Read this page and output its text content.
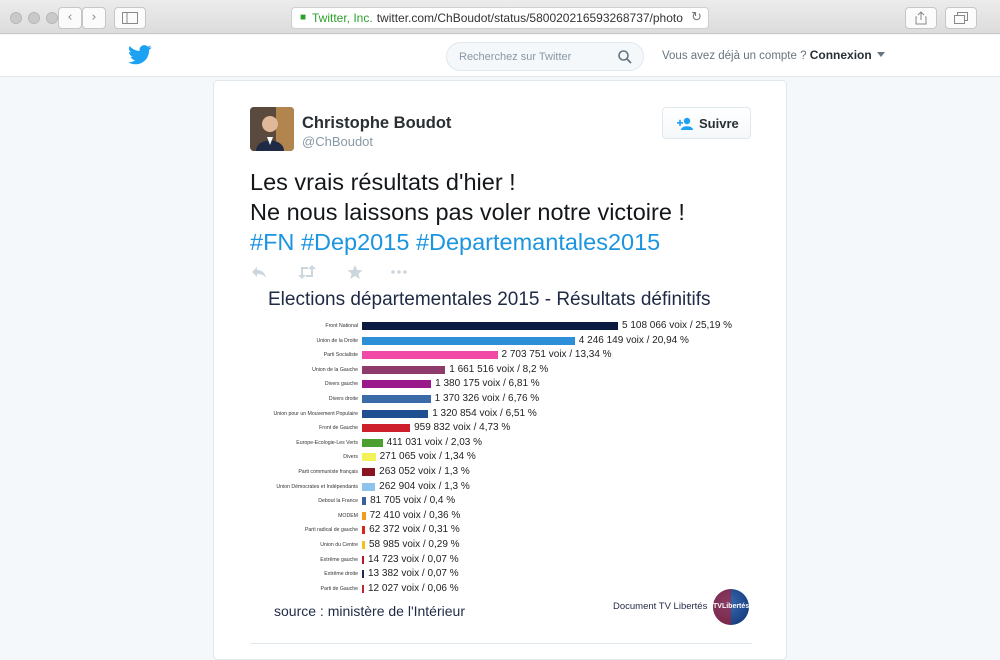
‹	›	■ Twitter, Inc. twitter.com/ChBoudot/status/580020216593268737/photo ↻
Recherchez sur Twitter	Vous avez déjà un compte ? Connexion
Christophe Boudot
@ChBoudot
Suivre
Les vrais résultats d'hier !
Ne nous laissons pas voler notre victoire !
#FN #Dep2015 #Departemantales2015
Elections départementales 2015 - Résultats définitifs
Front National	5 108 066 voix / 25,19 %
Union de la Droite	4 246 149 voix / 20,94 %
Parti Socialiste	2 703 751 voix / 13,34 %
Union de la Gauche	1 661 516 voix / 8,2 %
Divers gauche	1 380 175 voix / 6,81 %
Divers droite	1 370 326 voix / 6,76 %
Union pour un Mouvement Populaire	1 320 854 voix / 6,51 %
Front de Gauche	959 832 voix / 4,73 %
Europe-Ecologie-Les Verts	411 031 voix / 2,03 %
Divers 271 065 voix / 1,34 %
Parti communiste français 263 052 voix / 1,3 %
Union Démocrates et Indépendants 262 904 voix / 1,3 %
Debout la France 81 705 voix / 0,4 %
MODEM 72 410 voix / 0,36 %
Parti radical de gauche 62 372 voix / 0,31 %
Union du Centre 58 985 voix / 0,29 %
Extrême gauche 14 723 voix / 0,07 %
Extrême droite 13 382 voix / 0,07 %
Parti de Gauche 12 027 voix / 0,06 %
source : ministère de l'Intérieur	Document TV Libertés TVLibertés
